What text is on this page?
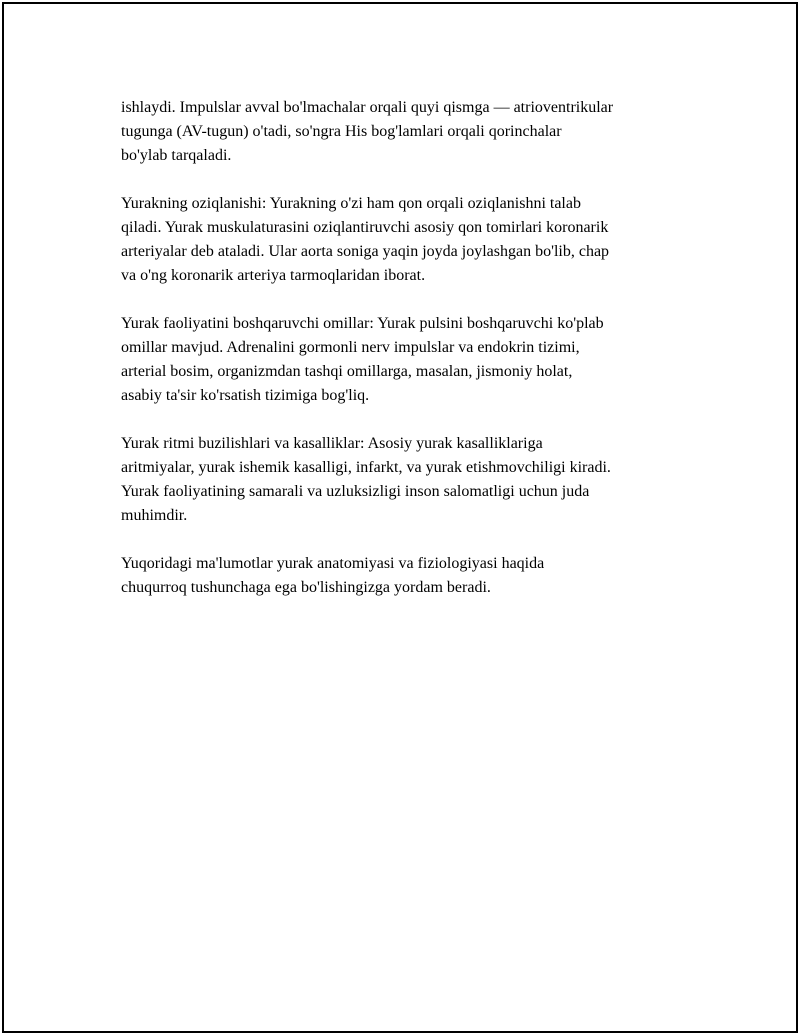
ishlaydi. Impulslar avval bo'lmachalar orqali quyi qismga — atrioventrikular
tugunga (AV-tugun) o'tadi, so'ngra His bog'lamlari orqali qorinchalar
bo'ylab tarqaladi.

Yurakning oziqlanishi: Yurakning o'zi ham qon orqali oziqlanishni talab
qiladi. Yurak muskulaturasini oziqlantiruvchi asosiy qon tomirlari koronarik
arteriyalar deb ataladi. Ular aorta soniga yaqin joyda joylashgan bo'lib, chap
va o'ng koronarik arteriya tarmoqlaridan iborat.

Yurak faoliyatini boshqaruvchi omillar: Yurak pulsini boshqaruvchi ko'plab
omillar mavjud. Adrenalini gormonli nerv impulslar va endokrin tizimi,
arterial bosim, organizmdan tashqi omillarga, masalan, jismoniy holat,
asabiy ta'sir ko'rsatish tizimiga bog'liq.

Yurak ritmi buzilishlari va kasalliklar: Asosiy yurak kasalliklariga
aritmiyalar, yurak ishemik kasalligi, infarkt, va yurak etishmovchiligi kiradi.
Yurak faoliyatining samarali va uzluksizligi inson salomatligi uchun juda
muhimdir.

Yuqoridagi ma'lumotlar yurak anatomiyasi va fiziologiyasi haqida
chuqurroq tushunchaga ega bo'lishingizga yordam beradi.
